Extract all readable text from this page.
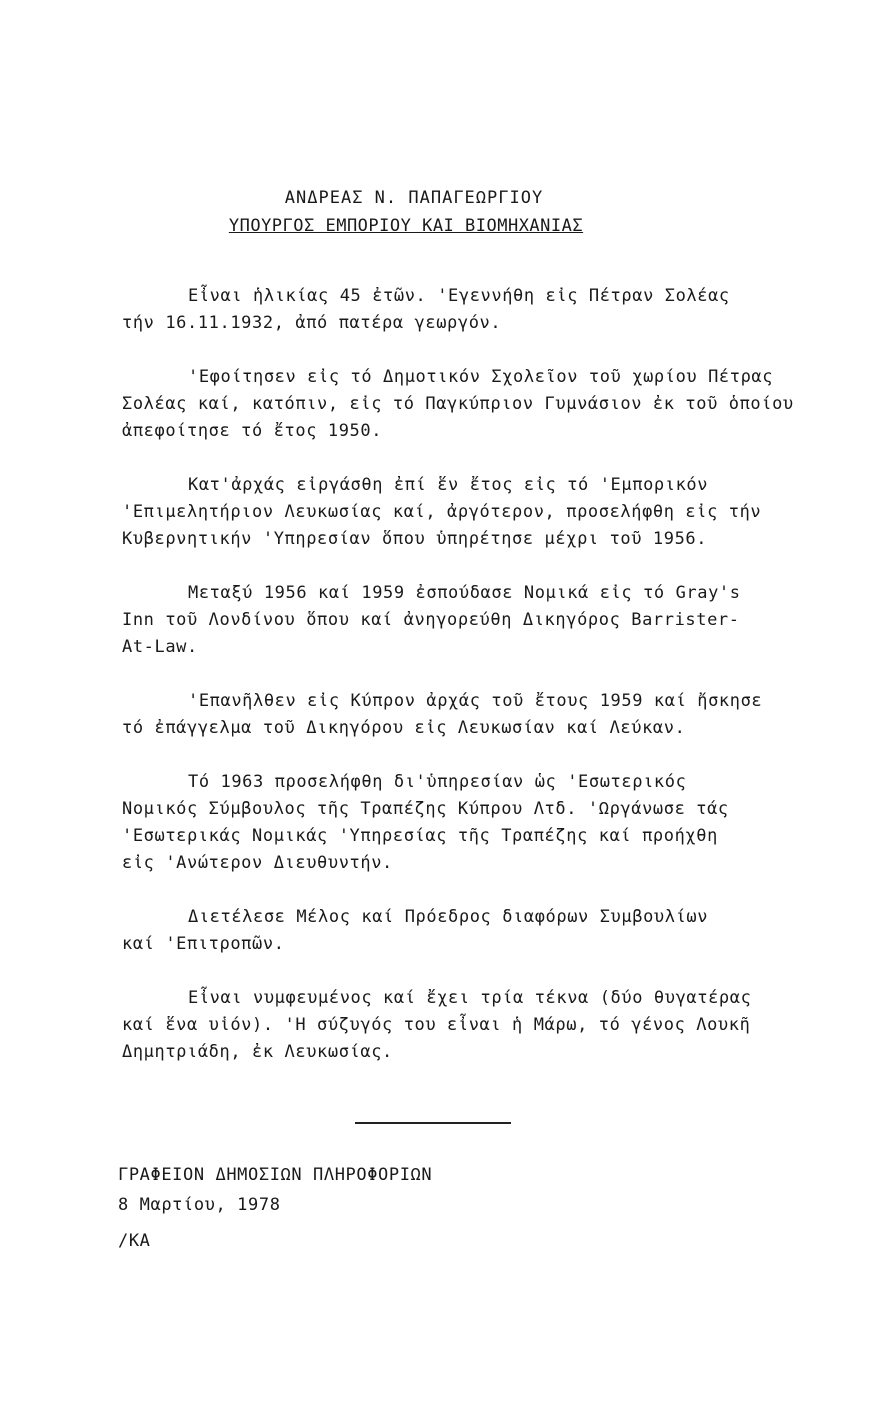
ΑΝΔΡΕΑΣ Ν. ΠΑΠΑΓΕΩΡΓΙΟΥ
ΥΠΟΥΡΓΟΣ ΕΜΠΟΡΙΟΥ ΚΑΙ ΒΙΟΜΗΧΑΝΙΑΣ
Εἶναι ἡλικίας 45 ἐτῶν. 'Εγεννήθη εἰς Πέτραν Σολέας
τήν 16.11.1932, ἀπό πατέρα γεωργόν.
'Εφοίτησεν εἰς τό Δημοτικόν Σχολεῖον τοῦ χωρίου Πέτρας
Σολέας καί, κατόπιν, εἰς τό Παγκύπριον Γυμνάσιον ἐκ τοῦ ὁποίου
ἀπεφοίτησε τό ἔτος 1950.
Κατ'ἀρχάς εἰργάσθη ἐπί ἕν ἔτος εἰς τό 'Εμπορικόν
'Επιμελητήριον Λευκωσίας καί, ἀργότερον, προσελήφθη εἰς τήν
Κυβερνητικήν 'Υπηρεσίαν ὅπου ὑπηρέτησε μέχρι τοῦ 1956.
Μεταξύ 1956 καί 1959 ἐσπούδασε Νομικά εἰς τό Gray's
Inn τοῦ Λονδίνου ὅπου καί ἀνηγορεύθη Δικηγόρος Barrister-
At-Law.
'Επανῆλθεν εἰς Κύπρον ἀρχάς τοῦ ἔτους 1959 καί ἤσκησε
τό ἐπάγγελμα τοῦ Δικηγόρου εἰς Λευκωσίαν καί Λεύκαν.
Τό 1963 προσελήφθη δι'ὑπηρεσίαν ὡς 'Εσωτερικός
Νομικός Σύμβουλος τῆς Τραπέζης Κύπρου Λτδ. 'Ωργάνωσε τάς
'Εσωτερικάς Νομικάς 'Υπηρεσίας τῆς Τραπέζης καί προήχθη
εἰς 'Ανώτερον Διευθυντήν.
Διετέλεσε Μέλος καί Πρόεδρος διαφόρων Συμβουλίων
καί 'Επιτροπῶν.
Εἶναι νυμφευμένος καί ἔχει τρία τέκνα (δύο θυγατέρας
καί ἕνα υἱόν). 'Η σύζυγός του εἶναι ἡ Μάρω, τό γένος Λουκῆ
Δημητριάδη, ἐκ Λευκωσίας.
ΓΡΑΦΕΙΟΝ ΔΗΜΟΣΙΩΝ ΠΛΗΡΟΦΟΡΙΩΝ
8 Μαρτίου, 1978
/ΚΑ
